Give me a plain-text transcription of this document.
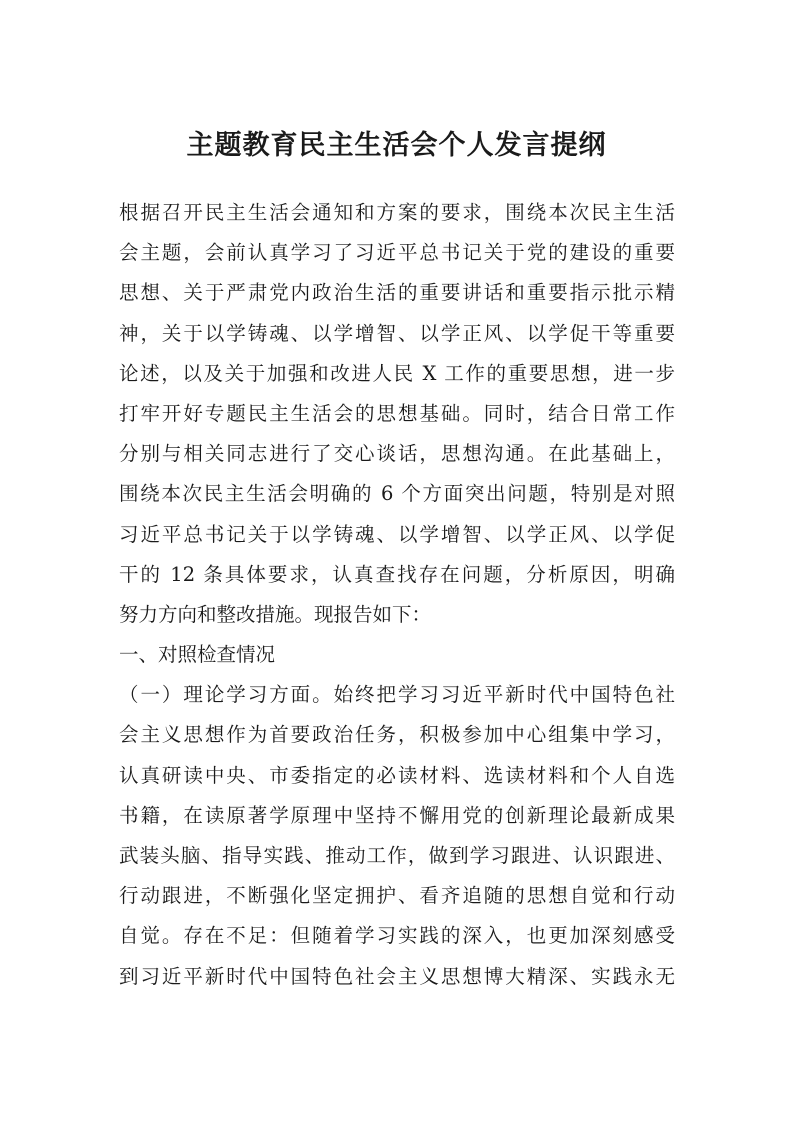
主题教育民主生活会个人发言提纲
根据召开民主生活会通知和方案的要求，围绕本次民主生活
会主题，会前认真学习了习近平总书记关于党的建设的重要
思想、关于严肃党内政治生活的重要讲话和重要指示批示精
神，关于以学铸魂、以学增智、以学正风、以学促干等重要
论述，以及关于加强和改进人民 X 工作的重要思想，进一步
打牢开好专题民主生活会的思想基础。同时，结合日常工作
分别与相关同志进行了交心谈话，思想沟通。在此基础上，
围绕本次民主生活会明确的 6 个方面突出问题，特别是对照
习近平总书记关于以学铸魂、以学增智、以学正风、以学促
干的 12 条具体要求，认真查找存在问题，分析原因，明确
努力方向和整改措施。现报告如下：
一、对照检查情况
（一）理论学习方面。始终把学习习近平新时代中国特色社
会主义思想作为首要政治任务，积极参加中心组集中学习，
认真研读中央、市委指定的必读材料、选读材料和个人自选
书籍，在读原著学原理中坚持不懈用党的创新理论最新成果
武装头脑、指导实践、推动工作，做到学习跟进、认识跟进、
行动跟进，不断强化坚定拥护、看齐追随的思想自觉和行动
自觉。存在不足：但随着学习实践的深入，也更加深刻感受
到习近平新时代中国特色社会主义思想博大精深、实践永无
